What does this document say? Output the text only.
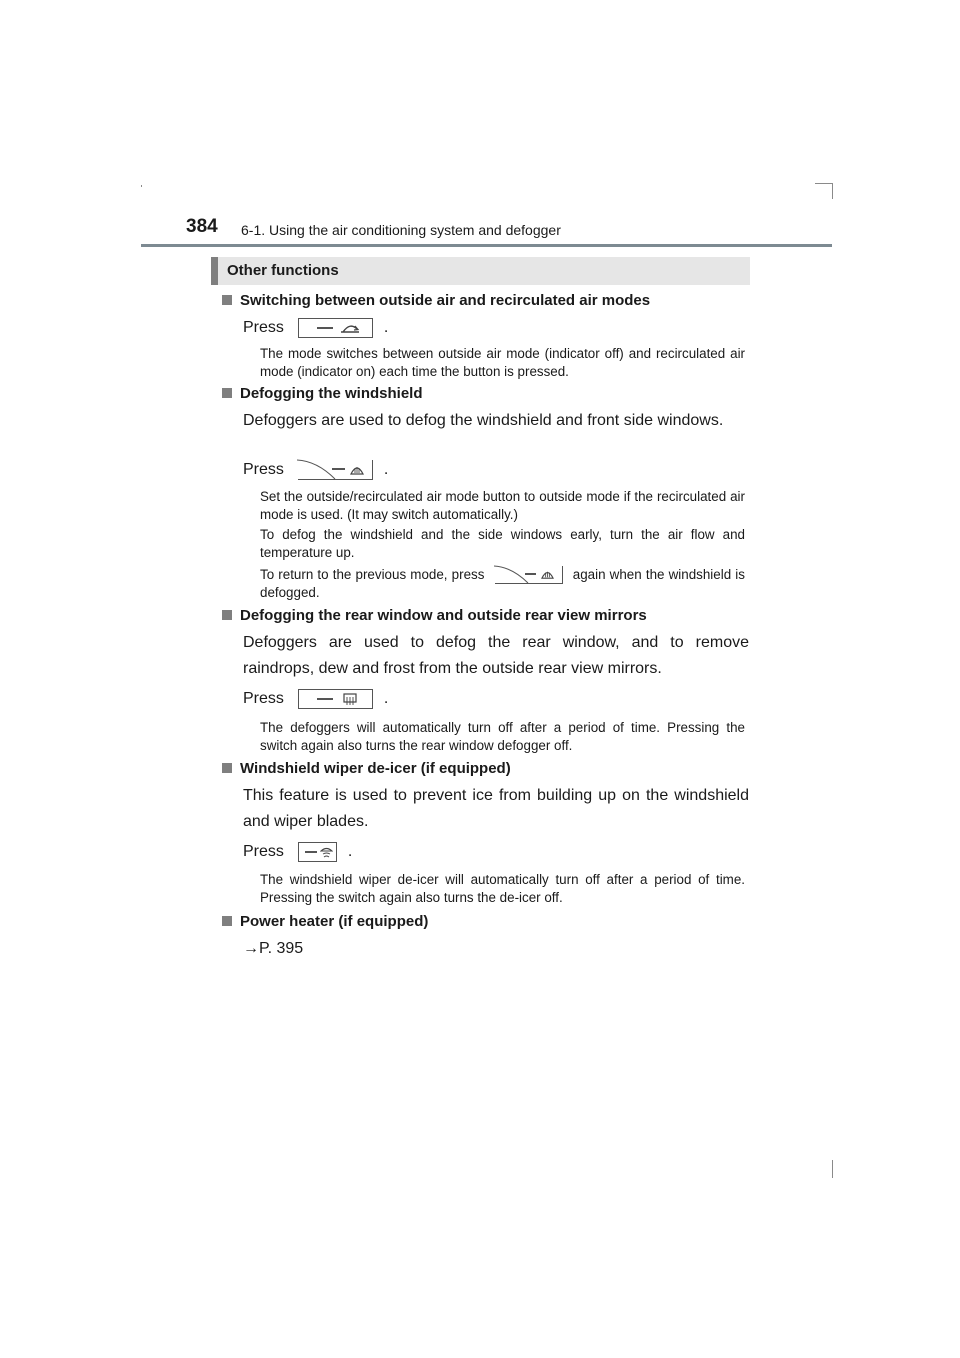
384 6-1. Using the air conditioning system and defogger
Other functions
Switching between outside air and recirculated air modes
Press	.
The mode switches between outside air mode (indicator off) and recirculated air mode (indicator on) each time the button is pressed.
Defogging the windshield
Defoggers are used to defog the windshield and front side windows.
Press	.
Set the outside/recirculated air mode button to outside mode if the recirculated air mode is used. (It may switch automatically.)
To defog the windshield and the side windows early, turn the air flow and temperature up.
To return to the previous mode, press	again when the windshield is defogged.
Defogging the rear window and outside rear view mirrors
Defoggers are used to defog the rear window, and to remove raindrops, dew and frost from the outside rear view mirrors.
Press	.
The defoggers will automatically turn off after a period of time. Pressing the switch again also turns the rear window defogger off.
Windshield wiper de-icer (if equipped)
This feature is used to prevent ice from building up on the windshield and wiper blades.
Press	.
The windshield wiper de-icer will automatically turn off after a period of time. Pressing the switch again also turns the de-icer off.
Power heater (if equipped)
→P. 395
